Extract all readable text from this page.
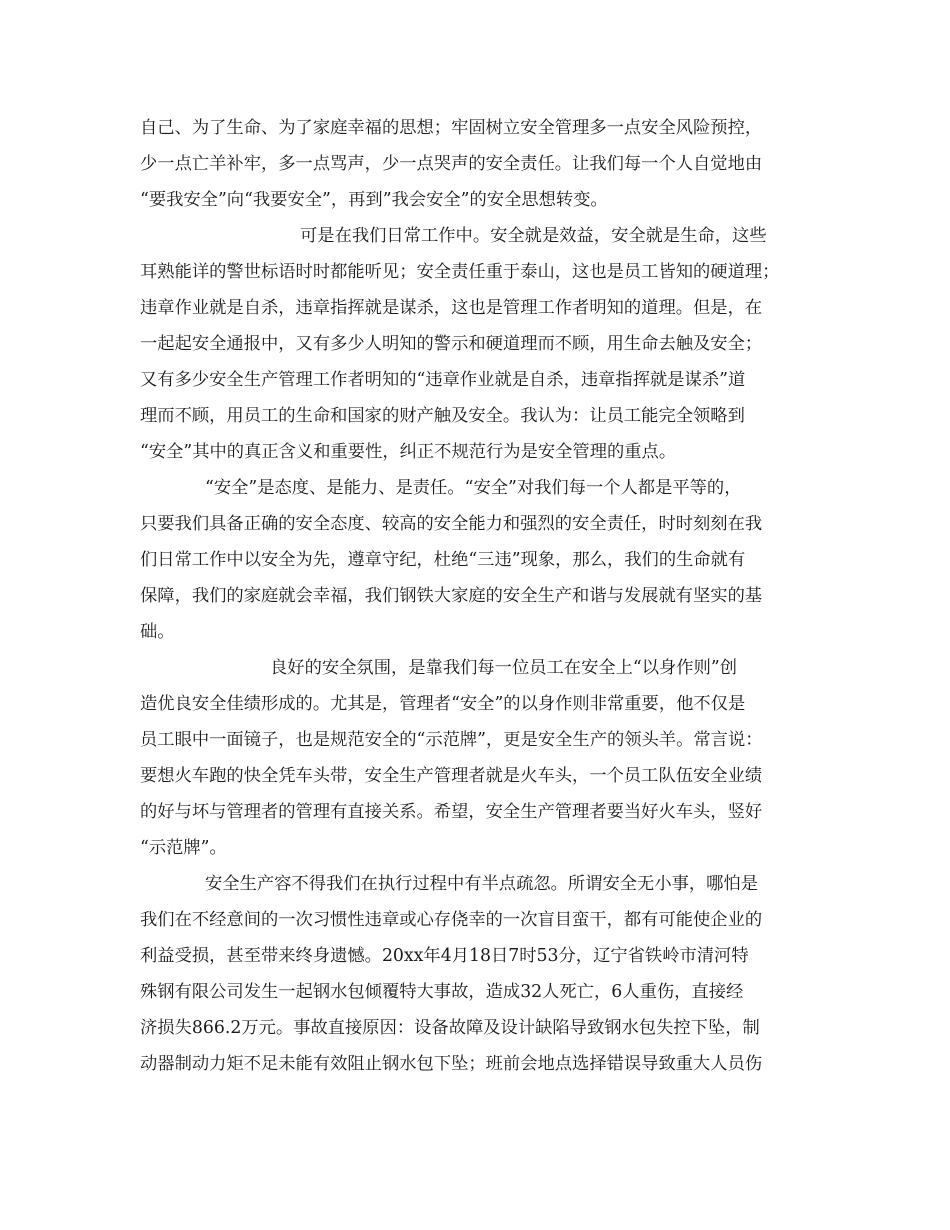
自己、为了生命、为了家庭幸福的思想；牢固树立安全管理多一点安全风险预控，

少一点亡羊补牢，多一点骂声，少一点哭声的安全责任。让我们每一个人自觉地由

“要我安全”向“我要安全”，再到”我会安全”的安全思想转变。

可是在我们日常工作中。安全就是效益，安全就是生命，这些

耳熟能详的警世标语时时都能听见；安全责任重于泰山，这也是员工皆知的硬道理；

违章作业就是自杀，违章指挥就是谋杀，这也是管理工作者明知的道理。但是，在

一起起安全通报中，又有多少人明知的警示和硬道理而不顾，用生命去触及安全；

又有多少安全生产管理工作者明知的“违章作业就是自杀，违章指挥就是谋杀”道

理而不顾，用员工的生命和国家的财产触及安全。我认为：让员工能完全领略到

“安全”其中的真正含义和重要性，纠正不规范行为是安全管理的重点。

“安全”是态度、是能力、是责任。“安全”对我们每一个人都是平等的，

只要我们具备正确的安全态度、较高的安全能力和强烈的安全责任，时时刻刻在我

们日常工作中以安全为先，遵章守纪，杜绝“三违”现象，那么，我们的生命就有

保障，我们的家庭就会幸福，我们钢铁大家庭的安全生产和谐与发展就有坚实的基

础。

良好的安全氛围，是靠我们每一位员工在安全上“以身作则”创

造优良安全佳绩形成的。尤其是，管理者“安全”的以身作则非常重要，他不仅是

员工眼中一面镜子，也是规范安全的“示范牌”，更是安全生产的领头羊。常言说：

要想火车跑的快全凭车头带，安全生产管理者就是火车头，一个员工队伍安全业绩

的好与坏与管理者的管理有直接关系。希望，安全生产管理者要当好火车头，竖好

“示范牌”。

安全生产容不得我们在执行过程中有半点疏忽。所谓安全无小事，哪怕是

我们在不经意间的一次习惯性违章或心存侥幸的一次盲目蛮干，都有可能使企业的

利益受损，甚至带来终身遗憾。20xx年4月18日7时53分，辽宁省铁岭市清河特

殊钢有限公司发生一起钢水包倾覆特大事故，造成32人死亡，6人重伤，直接经

济损失866.2万元。事故直接原因：设备故障及设计缺陷导致钢水包失控下坠，制

动器制动力矩不足未能有效阻止钢水包下坠；班前会地点选择错误导致重大人员伤
